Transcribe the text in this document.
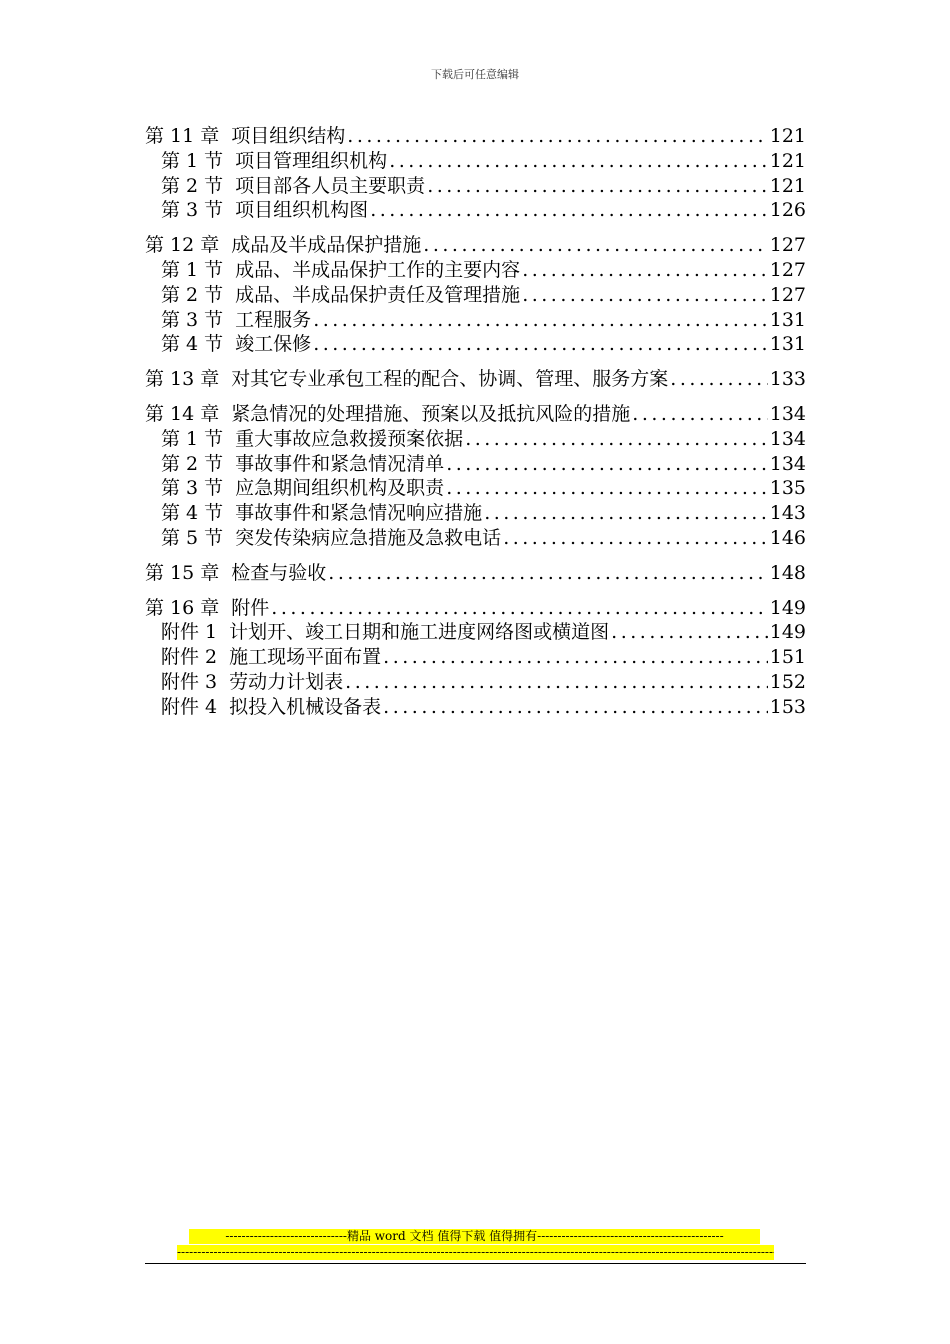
下载后可任意编辑
第 11 章 项目组织结构 .....	121
第 1 节 项目管理组织机构 .....	121
第 2 节 项目部各人员主要职责 .....	121
第 3 节 项目组织机构图 .....	126
第 12 章 成品及半成品保护措施 .....	127
第 1 节 成品、半成品保护工作的主要内容 .....	127
第 2 节 成品、半成品保护责任及管理措施 .....	127
第 3 节 工程服务 .....	131
第 4 节 竣工保修 .....	131
第 13 章 对其它专业承包工程的配合、协调、管理、服务方案 .....	133
第 14 章 紧急情况的处理措施、预案以及抵抗风险的措施 .....	134
第 1 节 重大事故应急救援预案依据 .....	134
第 2 节 事故事件和紧急情况清单 .....	134
第 3 节 应急期间组织机构及职责 .....	135
第 4 节 事故事件和紧急情况响应措施 .....	143
第 5 节 突发传染病应急措施及急救电话 .....	146
第 15 章 检查与验收 .....	148
第 16 章 附件 .....	149
附件 1 计划开、竣工日期和施工进度网络图或横道图 .....	149
附件 2 施工现场平面布置 .....	151
附件 3 劳动力计划表 .....	152
附件 4 拟投入机械设备表 .....	153
------------------------------精品 word 文档 值得下载 值得拥有----------------------------------------------
-----
